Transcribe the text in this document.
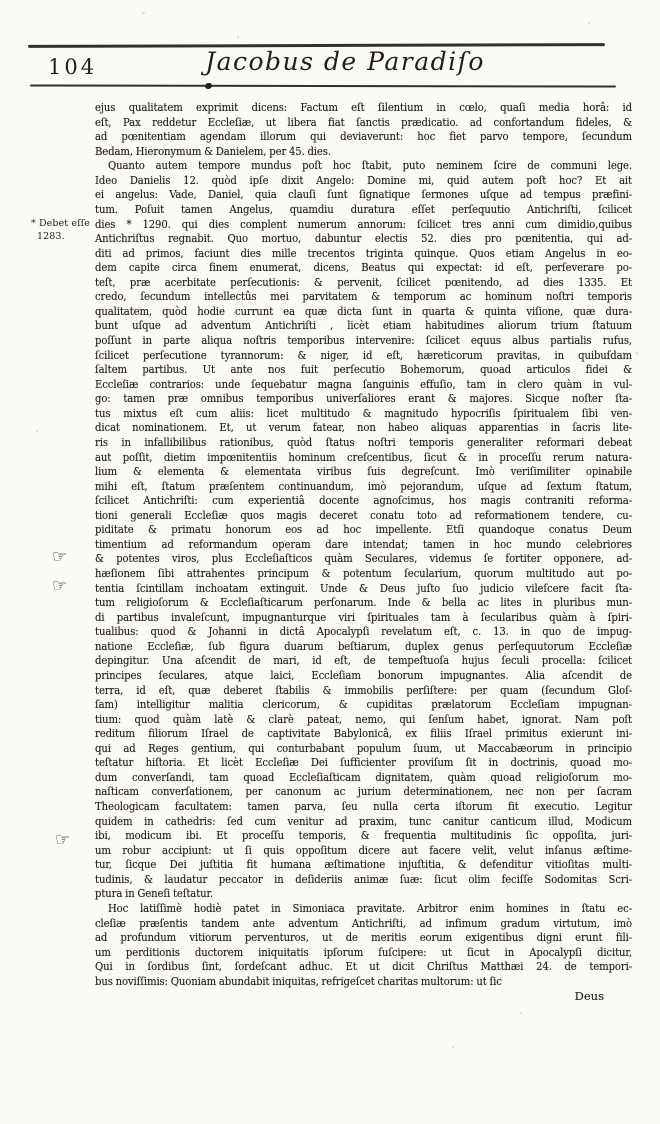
104	Jacobus de Paradiſo
* Debet eſſe
1283.
☞
☞
☞
ejus qualitatem exprimit dicens: Factum eſt ſilentium in cœlo, quaſi media horâ: id
eſt, Pax reddetur Eccleſiæ, ut libera fiat ſanctis prædicatio. ad confortandum fideles, &
ad pœnitentiam agendam illorum qui deviaverunt: hoc fiet parvo tempore, ſecundum
Bedam, Hieronymum & Danielem, per 45. dies.
Quanto autem tempore mundus poſt hoc ſtabit, puto neminem ſcire de communi lege.
Ideo Danielis 12. quòd ipſe dixit Angelo: Domine mi, quid autem poſt hoc? Et ait
ei angelus: Vade, Daniel, quia clauſi ſunt ſignatique ſermones uſque ad tempus præfini-
tum. Poſuit tamen Angelus, quamdiu duratura eſſet perſequutio Antichriſti, ſcilicet
dies * 1290. qui dies complent numerum annorum: ſcilicet tres anni cum dimidio,quibus
Antichriſtus regnabit. Quo mortuo, dabuntur electis 52. dies pro pœnitentia, qui ad-
diti ad primos, faciunt dies mille trecentos triginta quinque. Quos etiam Angelus in eo-
dem capite circa finem enumerat, dicens, Beatus qui expectat: id eſt, perſeverare po-
teſt, præ acerbitate perſecutionis: & pervenit, ſcilicet pœnitendo, ad dies 1335. Et
credo, ſecundum intellectûs mei parvitatem & temporum ac hominum noſtri temporis
qualitatem, quòd hodie currunt ea quæ dicta ſunt in quarta & quinta viſione, quæ dura-
bunt uſque ad adventum Antichriſti , licèt etiam habitudines aliorum trium ſtatuum
poſſunt in parte aliqua noſtris temporibus intervenire: ſcilicet equus albus partialis rufus,
ſcilicet perſecutione tyrannorum: & niger, id eſt, hæreticorum pravitas, in quibuſdam
ſaltem partibus. Ut ante nos fuit perſecutio Bohemorum, quoad articulos fidei &
Eccleſiæ contrarios: unde ſequebatur magna ſanguinis effuſio, tam in clero quàm in vul-
go: tamen præ omnibus temporibus univerſaliores erant & majores. Sicque noſter ſta-
tus mixtus eſt cum aliis: licet multitudo & magnitudo hypocriſis ſpiritualem ſibi ven-
dicat nominationem. Et, ut verum fatear, non habeo aliquas apparentias in ſacris lite-
ris in infallibilibus rationibus, quòd ſtatus noſtri temporis generaliter reformari debeat
aut poſſit, dietim impœnitentiis hominum creſcentibus, ſicut & in proceſſu rerum natura-
lium & elementa & elementata viribus ſuis degreſcunt. Imò veriſimiliter opinabile
mihi eſt, ſtatum præſentem continuandum, imò pejorandum, uſque ad ſextum ſtatum,
ſcilicet Antichriſti: cum experientiâ docente agnoſcimus, hos magis contraniti reforma-
tioni generali Eccleſiæ quos magis deceret conatu toto ad reformationem tendere, cu-
piditate & primatu honorum eos ad hoc impellente. Etſi quandoque conatus Deum
timentium ad reformandum operam dare intendat; tamen in hoc mundo celebriores
& potentes viros, plus Eccleſiaſticos quàm Seculares, videmus ſe fortiter opponere, ad-
hæſionem ſibi attrahentes principum & potentum ſecularium, quorum multitudo aut po-
tentia ſcintillam inchoatam extinguit. Unde & Deus juſto ſuo judicio vileſcere facit ſta-
tum religioſorum & Eccleſiaſticarum perſonarum. Inde & bella ac lites in pluribus mun-
di partibus invaleſcunt, impugnanturque viri ſpirituales tam à ſecularibus quàm à ſpiri-
tualibus: quod & Johanni in dictâ Apocalypſi revelatum eſt, c. 13. in quo de impug-
natione Eccleſiæ, ſub figura duarum beſtiarum, duplex genus perſequutorum Eccleſiæ
depingitur. Una aſcendit de mari, id eſt, de tempeſtuoſa hujus ſeculi procella: ſcilicet
principes ſeculares, atque laici, Eccleſiam bonorum impugnantes. Alia aſcendit de
terra, id eſt, quæ deberet ſtabilis & immobilis perſiſtere: per quam (ſecundum Gloſ-
ſam) intelligitur malitia clericorum, & cupiditas prælatorum Eccleſiam impugnan-
tium: quod quàm latè & clarè pateat, nemo, qui ſenſum habet, ignorat. Nam poſt
reditum filiorum Iſrael de captivitate Babylonicâ, ex filiis Iſrael primitus exierunt ini-
qui ad Reges gentium, qui conturbabant populum ſuum, ut Maccabæorum in principio
teſtatur hiſtoria. Et licèt Eccleſiæ Dei ſufficienter proviſum ſit in doctrinis, quoad mo-
dum converſandi, tam quoad Eccleſiaſticam dignitatem, quàm quoad religioſorum mo-
naſticam converſationem, per canonum ac jurium determinationem, nec non per ſacram
Theologicam facultatem: tamen parva, ſeu nulla certa iſtorum fit executio. Legitur
quidem in cathedris: ſed cum venitur ad praxim, tunc canitur canticum illud, Modicum
ibi, modicum ibi. Et proceſſu temporis, & frequentia multitudinis ſic oppoſita, juri-
um robur accipiunt: ut ſi quis oppoſitum dicere aut facere velit, velut inſanus æſtime-
tur, ſicque Dei juſtitia fit humana æſtimatione injuſtitia, & defenditur vitioſitas multi-
tudinis, & laudatur peccator in deſideriis animæ ſuæ: ſicut olim feciſſe Sodomitas Scri-
ptura in Geneſi teſtatur.
Hoc latiſſimè hodiè patet in Simoniaca pravitate. Arbitror enim homines in ſtatu ec-
cleſiæ præſentis tandem ante adventum Antichriſti, ad infimum gradum virtutum, imò
ad profundum vitiorum perventuros, ut de meritis eorum exigentibus digni erunt fili-
um perditionis ductorem iniquitatis ipſorum ſuſcipere: ut ſicut in Apocalypſi dicitur,
Qui in ſordibus ſint, ſordeſcant adhuc. Et ut dicit Chriſtus Matthæi 24. de tempori-
bus noviſſimis: Quoniam abundabit iniquitas, refrigeſcet charitas multorum: ut ſic
Deus
